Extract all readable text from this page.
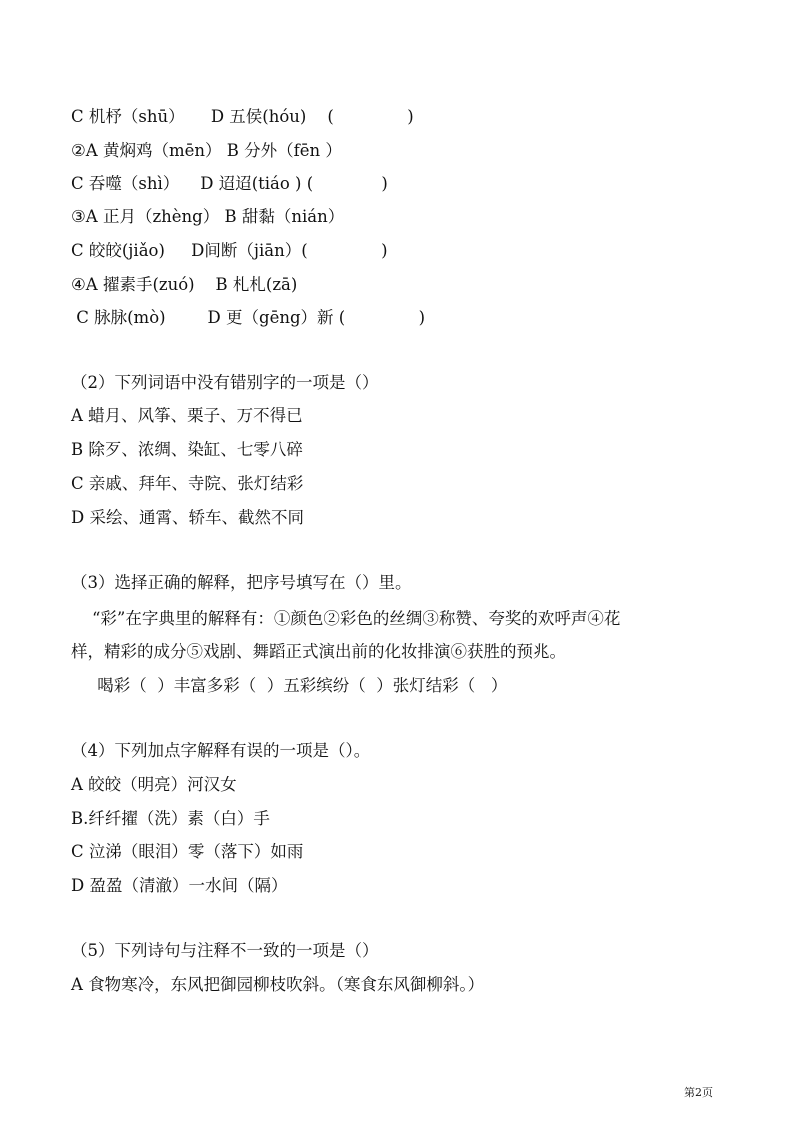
C 机杼（shū）     D 五侯(hóu)    (              )
②A 黄焖鸡（mēn） B 分外（fēn ）
C 吞噬（shì）    D 迢迢(tiáo ) (             )
③A 正月（zhèng） B 甜黏（nián）
C 皎皎(jiǎo)     D间断（jiān）(              )
④A 擢素手(zuó)    B 札札(zā)
C 脉脉(mò)        D 更（gēng）新 (              )
（2）下列词语中没有错别字的一项是（）
A 蜡月、风筝、栗子、万不得已
B 除歹、浓绸、染缸、七零八碎
C 亲戚、拜年、寺院、张灯结彩
D 采绘、通霄、轿车、截然不同
（3）选择正确的解释，把序号填写在（）里。
“彩”在字典里的解释有：①颜色②彩色的丝绸③称赞、夸奖的欢呼声④花
样，精彩的成分⑤戏剧、舞蹈正式演出前的化妆排演⑥获胜的预兆。
喝彩（  ）丰富多彩（  ）五彩缤纷（  ）张灯结彩（   ）
（4）下列加点字解释有误的一项是（）。
A 皎皎（明亮）河汉女
B.纤纤擢（洗）素（白）手
C 泣涕（眼泪）零（落下）如雨
D 盈盈（清澈）一水间（隔）
（5）下列诗句与注释不一致的一项是（）
A 食物寒冷，东风把御园柳枝吹斜。（寒食东风御柳斜。）
第2页
